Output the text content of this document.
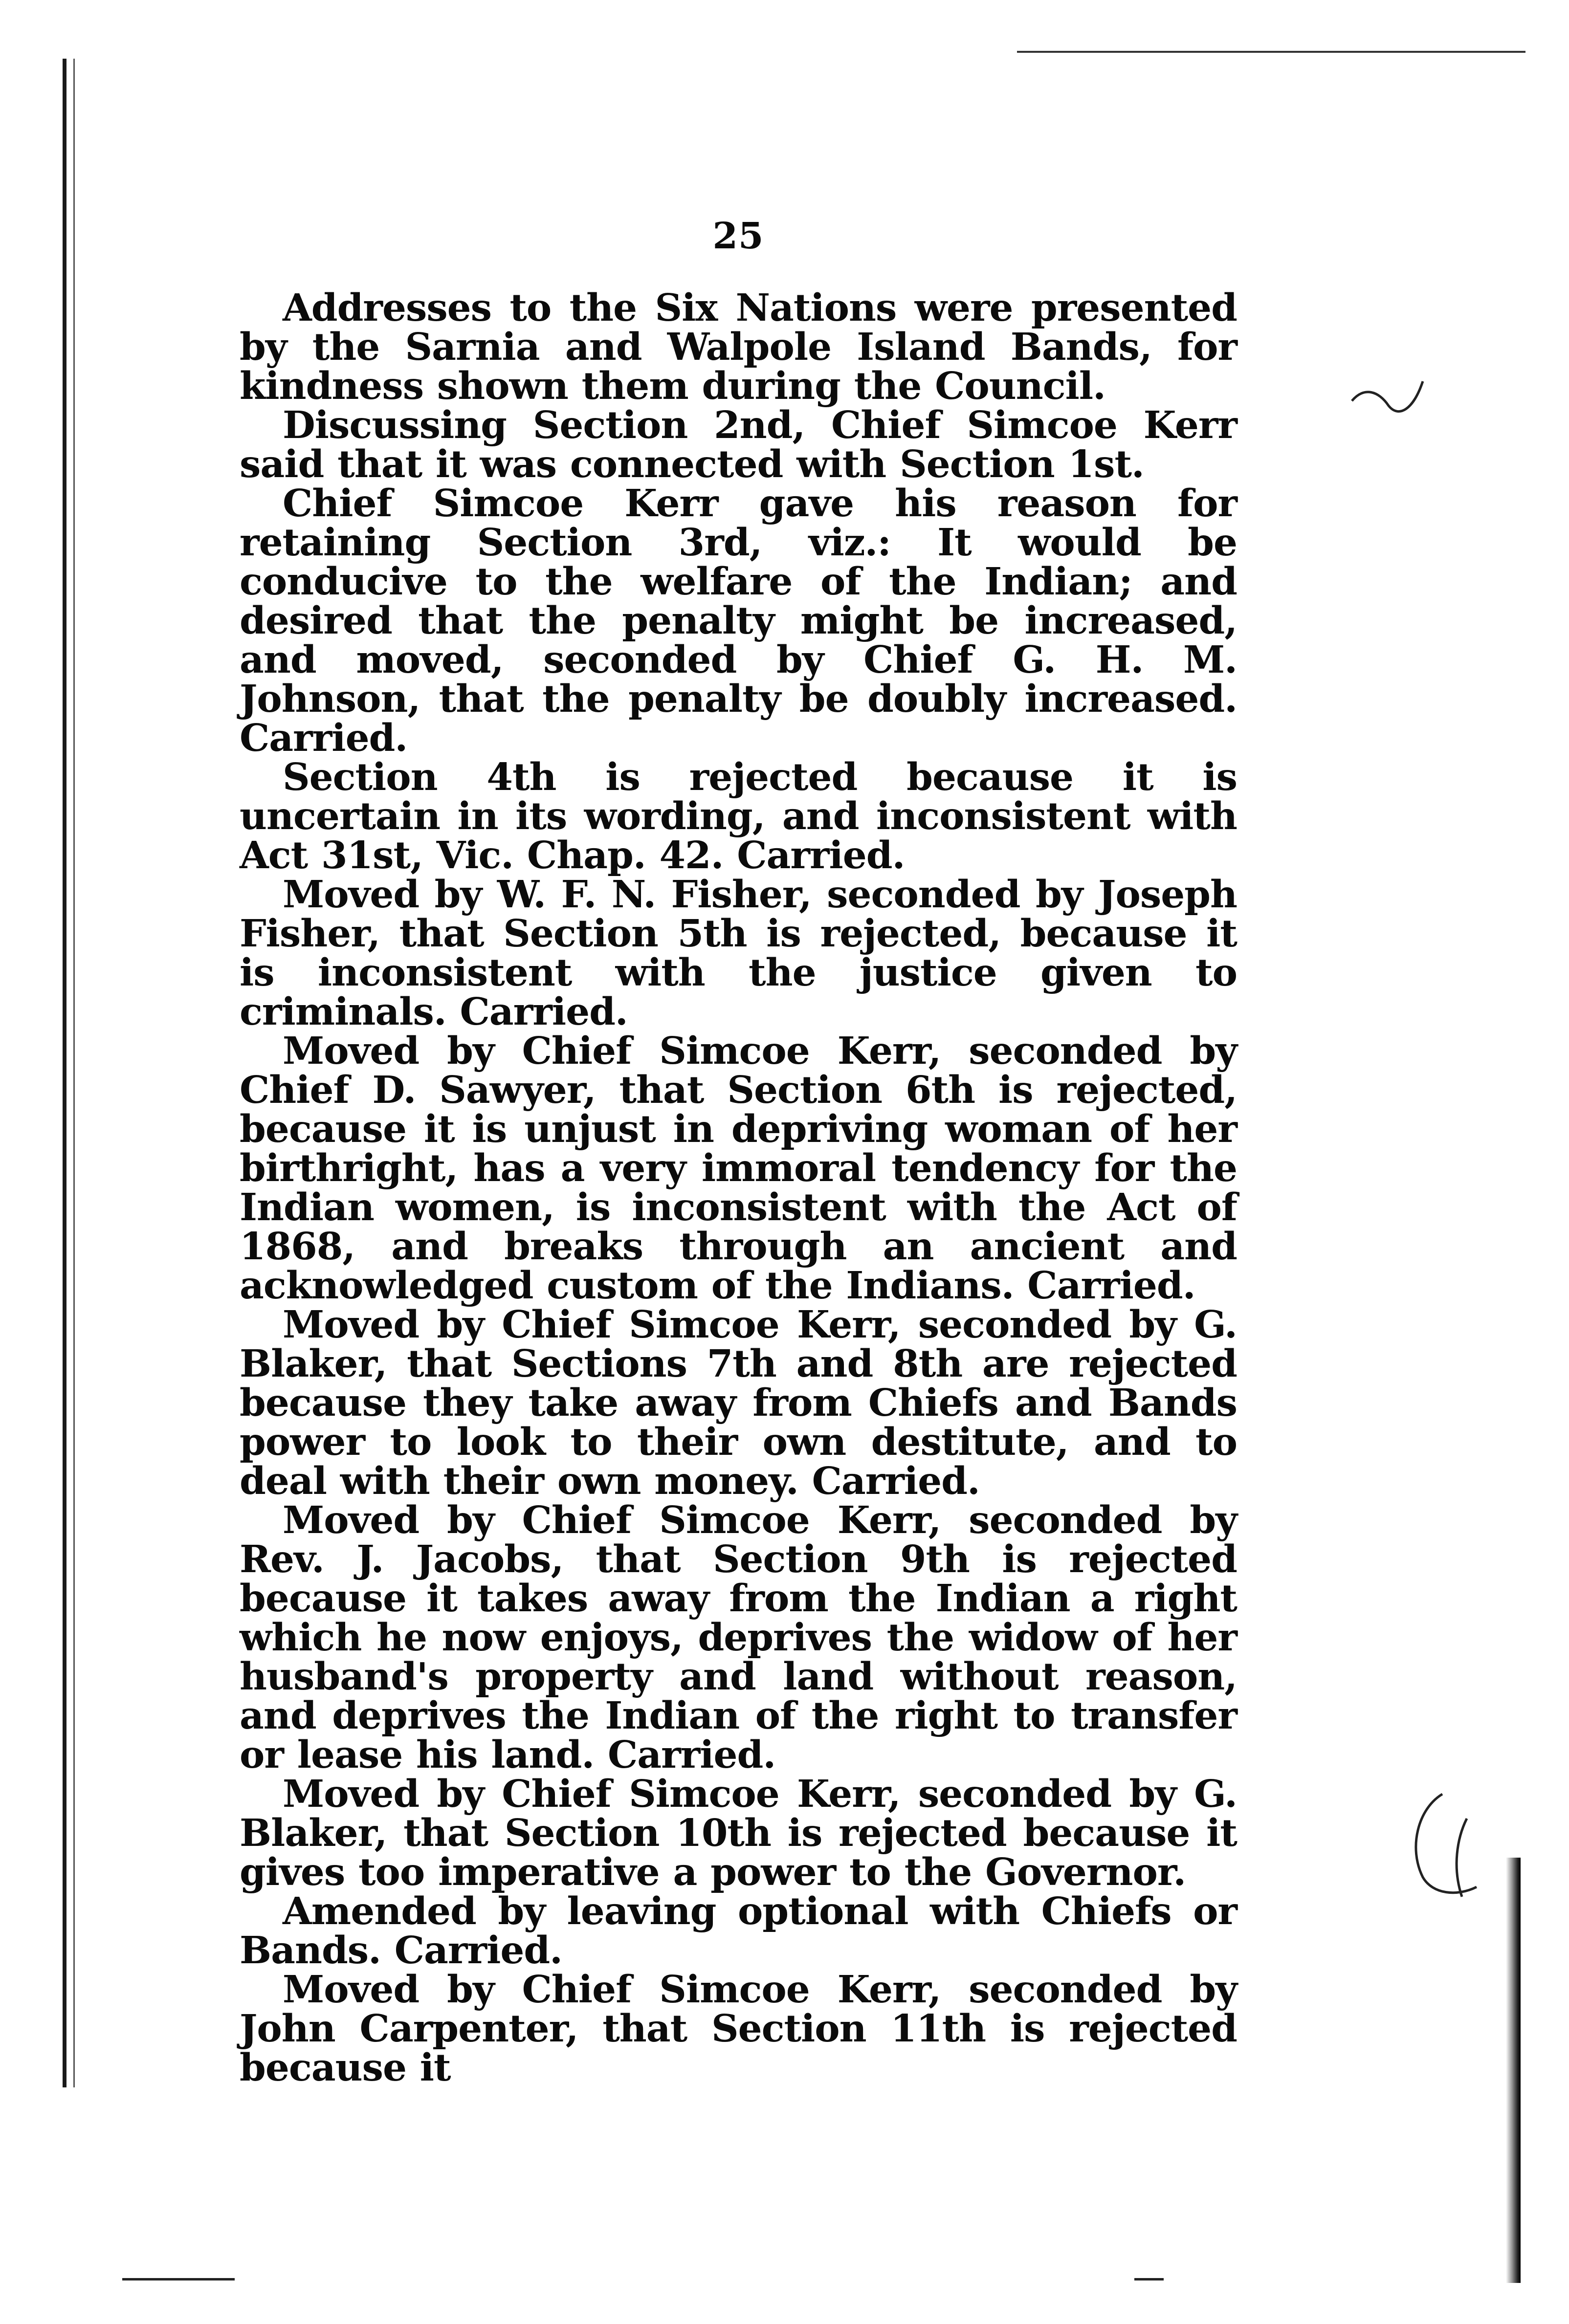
25

Addresses to the Six Nations were presented by the Sarnia and Walpole Island Bands, for kindness shown them during the Council.

Discussing Section 2nd, Chief Simcoe Kerr said that it was connected with Section 1st.

Chief Simcoe Kerr gave his reason for retaining Section 3rd, viz.: It would be conducive to the welfare of the Indian; and desired that the penalty might be increased, and moved, seconded by Chief G. H. M. Johnson, that the penalty be doubly increased. Carried.

Section 4th is rejected because it is uncertain in its wording, and inconsistent with Act 31st, Vic. Chap. 42. Carried.

Moved by W. F. N. Fisher, seconded by Joseph Fisher, that Section 5th is rejected, because it is inconsistent with the justice given to criminals. Carried.

Moved by Chief Simcoe Kerr, seconded by Chief D. Sawyer, that Section 6th is rejected, because it is unjust in depriving woman of her birthright, has a very immoral tendency for the Indian women, is inconsistent with the Act of 1868, and breaks through an ancient and acknowledged custom of the Indians. Carried.

Moved by Chief Simcoe Kerr, seconded by G. Blaker, that Sections 7th and 8th are rejected because they take away from Chiefs and Bands power to look to their own destitute, and to deal with their own money. Carried.

Moved by Chief Simcoe Kerr, seconded by Rev. J. Jacobs, that Section 9th is rejected because it takes away from the Indian a right which he now enjoys, deprives the widow of her husband's property and land without reason, and deprives the Indian of the right to transfer or lease his land. Carried.

Moved by Chief Simcoe Kerr, seconded by G. Blaker, that Section 10th is rejected because it gives too imperative a power to the Governor.

Amended by leaving optional with Chiefs or Bands. Carried.

Moved by Chief Simcoe Kerr, seconded by John Carpenter, that Section 11th is rejected because it
